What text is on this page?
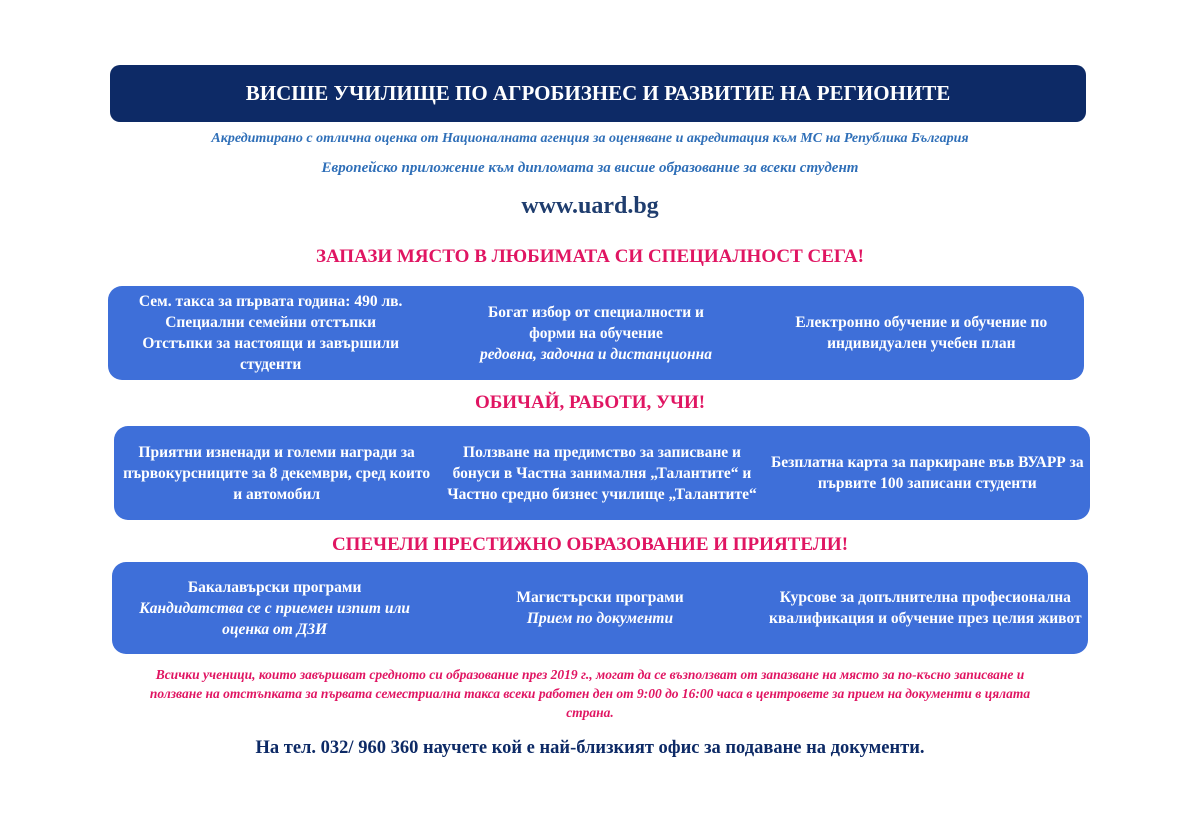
ВИСШЕ УЧИЛИЩЕ ПО АГРОБИЗНЕС И РАЗВИТИЕ НА РЕГИОНИТЕ
Акредитирано с отлична оценка от Националната агенция за оценяване и акредитация към МС на Република България
Европейско приложение към дипломата за висше образование за всеки студент
www.uard.bg
ЗАПАЗИ МЯСТО В ЛЮБИМАТА СИ СПЕЦИАЛНОСТ СЕГА!
Сем. такса за първата година: 490 лв.
Специални семейни отстъпки
Отстъпки за настоящи и завършили студенти
Богат избор от специалности и
форми на обучение
редовна, задочна и дистанционна
Електронно обучение и обучение по индивидуален учебен план
ОБИЧАЙ, РАБОТИ, УЧИ!
Приятни изненади и големи награди за първокурсниците за 8 декември, сред които и автомобил
Ползване на предимство за записване и бонуси в Частна занималня „Талантите“ и Частно средно бизнес училище „Талантите“
Безплатна карта за паркиране във ВУАРР за първите 100 записани студенти
СПЕЧЕЛИ ПРЕСТИЖНО ОБРАЗОВАНИЕ И ПРИЯТЕЛИ!
Бакалавърски програми
Кандидатства се с приемен изпит или оценка от ДЗИ
Магистърски програми
Прием по документи
Курсове за допълнителна професионална квалификация и обучение през целия живот
Всички ученици, които завършват средното си образование през 2019 г., могат да се възползват от запазване на място за по-късно записване и ползване на отстъпката за първата семестриална такса всеки работен ден от 9:00 до 16:00 часа в центровете за прием на документи в цялата страна.
На тел. 032/ 960 360 научете кой е най-близкият офис за подаване на документи.
